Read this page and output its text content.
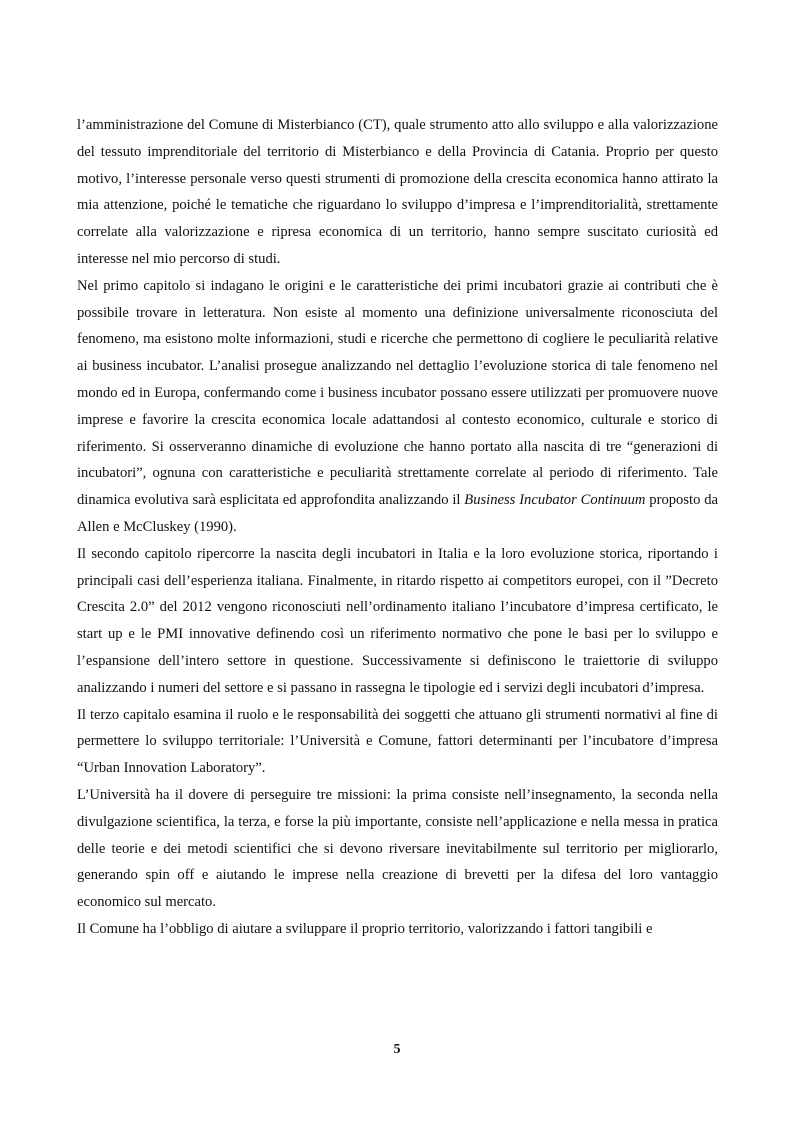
l’amministrazione del Comune di Misterbianco (CT), quale strumento atto allo sviluppo e alla valorizzazione del tessuto imprenditoriale del territorio di Misterbianco e della Provincia di Catania. Proprio per questo motivo, l’interesse personale verso questi strumenti di promozione della crescita economica hanno attirato la mia attenzione, poiché le tematiche che riguardano lo sviluppo d’impresa e l’imprenditorialità, strettamente correlate alla valorizzazione e ripresa economica di un territorio, hanno sempre suscitato curiosità ed interesse nel mio percorso di studi.

Nel primo capitolo si indagano le origini e le caratteristiche dei primi incubatori grazie ai contributi che è possibile trovare in letteratura. Non esiste al momento una definizione universalmente riconosciuta del fenomeno, ma esistono molte informazioni, studi e ricerche che permettono di cogliere le peculiarità relative ai business incubator. L’analisi prosegue analizzando nel dettaglio l’evoluzione storica di tale fenomeno nel mondo ed in Europa, confermando come i business incubator possano essere utilizzati per promuovere nuove imprese e favorire la crescita economica locale adattandosi al contesto economico, culturale e storico di riferimento. Si osserveranno dinamiche di evoluzione che hanno portato alla nascita di tre “generazioni di incubatori”, ognuna con caratteristiche e peculiarità strettamente correlate al periodo di riferimento. Tale dinamica evolutiva sarà esplicitata ed approfondita analizzando il Business Incubator Continuum proposto da Allen e McCluskey (1990).

Il secondo capitolo ripercorre la nascita degli incubatori in Italia e la loro evoluzione storica, riportando i principali casi dell’esperienza italiana. Finalmente, in ritardo rispetto ai competitors europei, con il ”Decreto Crescita 2.0” del 2012 vengono riconosciuti nell’ordinamento italiano l’incubatore d’impresa certificato, le start up e le PMI innovative definendo così un riferimento normativo che pone le basi per lo sviluppo e l’espansione dell’intero settore in questione. Successivamente si definiscono le traiettorie di sviluppo analizzando i numeri del settore e si passano in rassegna le tipologie ed i servizi degli incubatori d’impresa.

Il terzo capitalo esamina il ruolo e le responsabilità dei soggetti che attuano gli strumenti normativi al fine di permettere lo sviluppo territoriale: l’Università e Comune, fattori determinanti per l’incubatore d’impresa “Urban Innovation Laboratory”.

L’Università ha il dovere di perseguire tre missioni: la prima consiste nell’insegnamento, la seconda nella divulgazione scientifica, la terza, e forse la più importante, consiste nell’applicazione e nella messa in pratica delle teorie e dei metodi scientifici che si devono riversare inevitabilmente sul territorio per migliorarlo, generando spin off e aiutando le imprese nella creazione di brevetti per la difesa del loro vantaggio economico sul mercato.

Il Comune ha l’obbligo di aiutare a sviluppare il proprio territorio, valorizzando i fattori tangibili e

5
